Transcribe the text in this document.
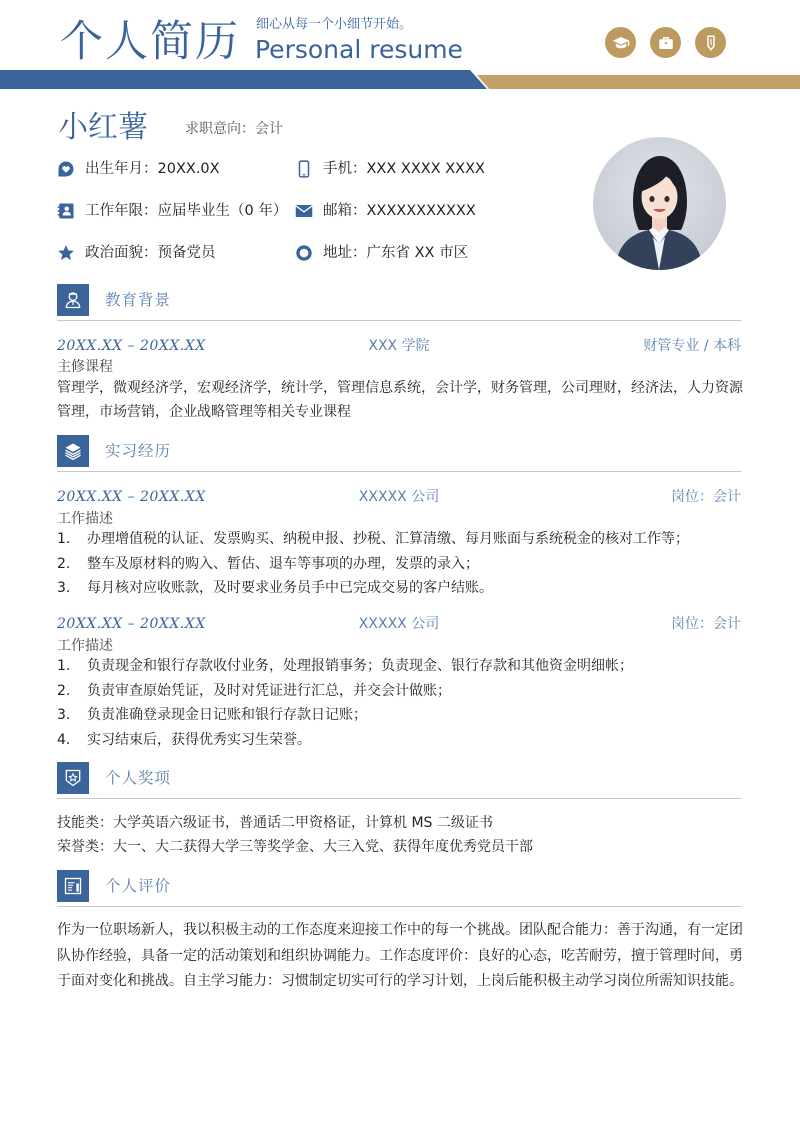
个人简历 细心从每一个小细节开始。
Personal resume
小红薯	求职意向：会计
出生年月：20XX.0X	手机：XXX XXXX XXXX
工作年限：应届毕业生（0 年） 邮箱：XXXXXXXXXXX
政治面貌：预备党员	地址：广东省 XX 市区
教育背景
20XX.XX – 20XX.XX	XXX 学院	财管专业 / 本科
主修课程
管理学，微观经济学，宏观经济学，统计学，管理信息系统，会计学，财务管理，公司理财，经济法，人力资源管理，市场营销，企业战略管理等相关专业课程
实习经历
20XX.XX – 20XX.XX	XXXXX 公司	岗位：会计
工作描述
1.	办理增值税的认证、发票购买、纳税申报、抄税、汇算清缴、每月账面与系统税金的核对工作等；
2.	整车及原材料的购入、暂估、退车等事项的办理，发票的录入；
3.	每月核对应收账款，及时要求业务员手中已完成交易的客户结账。
20XX.XX – 20XX.XX	XXXXX 公司	岗位：会计
工作描述
1.	负责现金和银行存款收付业务，处理报销事务；负责现金、银行存款和其他资金明细帐；
2.	负责审查原始凭证，及时对凭证进行汇总，并交会计做账；
3.	负责准确登录现金日记账和银行存款日记账；
4.	实习结束后，获得优秀实习生荣誉。
个人奖项
技能类：大学英语六级证书，普通话二甲资格证，计算机 MS 二级证书
荣誉类：大一、大二获得大学三等奖学金、大三入党、获得年度优秀党员干部
个人评价
作为一位职场新人，我以积极主动的工作态度来迎接工作中的每一个挑战。团队配合能力：善于沟通，有一定团队协作经验，具备一定的活动策划和组织协调能力。工作态度评价：良好的心态，吃苦耐劳，擅于管理时间，勇于面对变化和挑战。自主学习能力：习惯制定切实可行的学习计划，上岗后能积极主动学习岗位所需知识技能。
